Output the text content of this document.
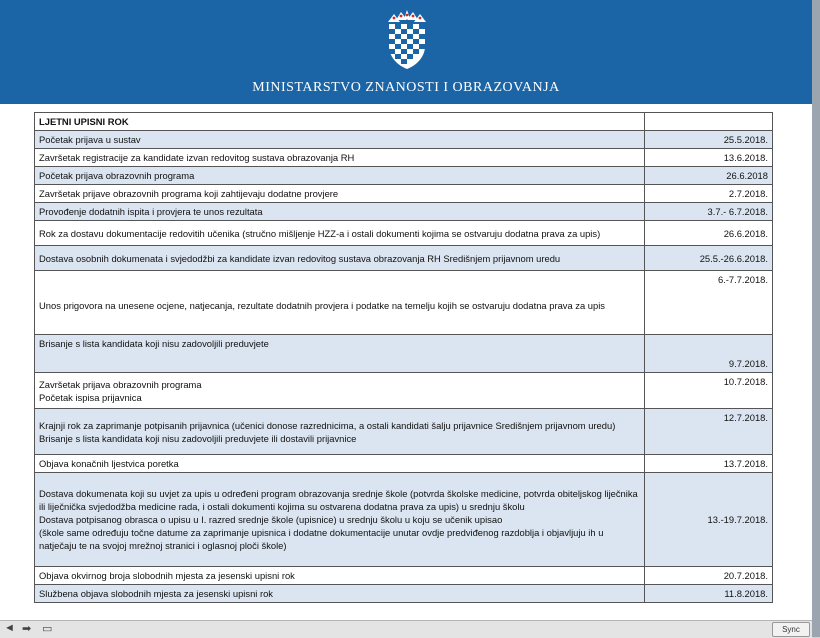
MINISTARSTVO ZNANOSTI I OBRAZOVANJA
LJETNI UPISNI ROK	

Početak prijava u sustav	25.5.2018.

Završetak registracije za kandidate izvan redovitog sustava obrazovanja RH	13.6.2018.

Početak prijava obrazovnih programa	26.6.2018

Završetak prijave obrazovnih programa koji zahtijevaju dodatne provjere	2.7.2018.

Provođenje dodatnih ispita i provjera te unos rezultata	3.7.- 6.7.2018.

Rok za dostavu dokumentacije redovitih učenika (stručno mišljenje HZZ-a i ostali dokumenti kojima se ostvaruju dodatna prava za upis)	26.6.2018.

Dostava osobnih dokumenata i svjedodžbi za kandidate izvan redovitog sustava obrazovanja RH Središnjem prijavnom uredu	25.5.-26.6.2018.

Unos prigovora na unesene ocjene, natjecanja, rezultate dodatnih provjera i podatke na temelju kojih se ostvaruju dodatna prava za upis	6.-7.7.2018.

Brisanje s lista kandidata koji nisu zadovoljili preduvjete	9.7.2018.

Završetak prijava obrazovnih programa
Početak ispisa prijavnica	10.7.2018.

Krajnji rok za zaprimanje potpisanih prijavnica (učenici donose razrednicima, a ostali kandidati šalju prijavnice Središnjem prijavnom uredu)
Brisanje s lista kandidata koji nisu zadovoljili preduvjete ili dostavili prijavnice	12.7.2018.

Objava konačnih ljestvica poretka	13.7.2018.

Dostava dokumenata koji su uvjet za upis u određeni program obrazovanja srednje škole (potvrda školske medicine, potvrda obiteljskog liječnika ili liječnička svjedodžba medicine rada, i ostali dokumenti kojima su ostvarena dodatna prava za upis) u srednju školu
Dostava potpisanog obrasca o upisu u I. razred srednje škole (upisnice) u srednju školu u koju se učenik upisao
(škole same određuju točne datume za zaprimanje upisnica i dodatne dokumentacije unutar ovdje predviđenog razdoblja i objavljuju ih u natječaju te na svojoj mrežnoj stranici i oglasnoj ploči škole)	13.-19.7.2018.

Objava okvirnog broja slobodnih mjesta za jesenski upisni rok	20.7.2018.

Službena objava slobodnih mjesta za jesenski upisni rok	11.8.2018.
◄ ➡ ▭	Sync
